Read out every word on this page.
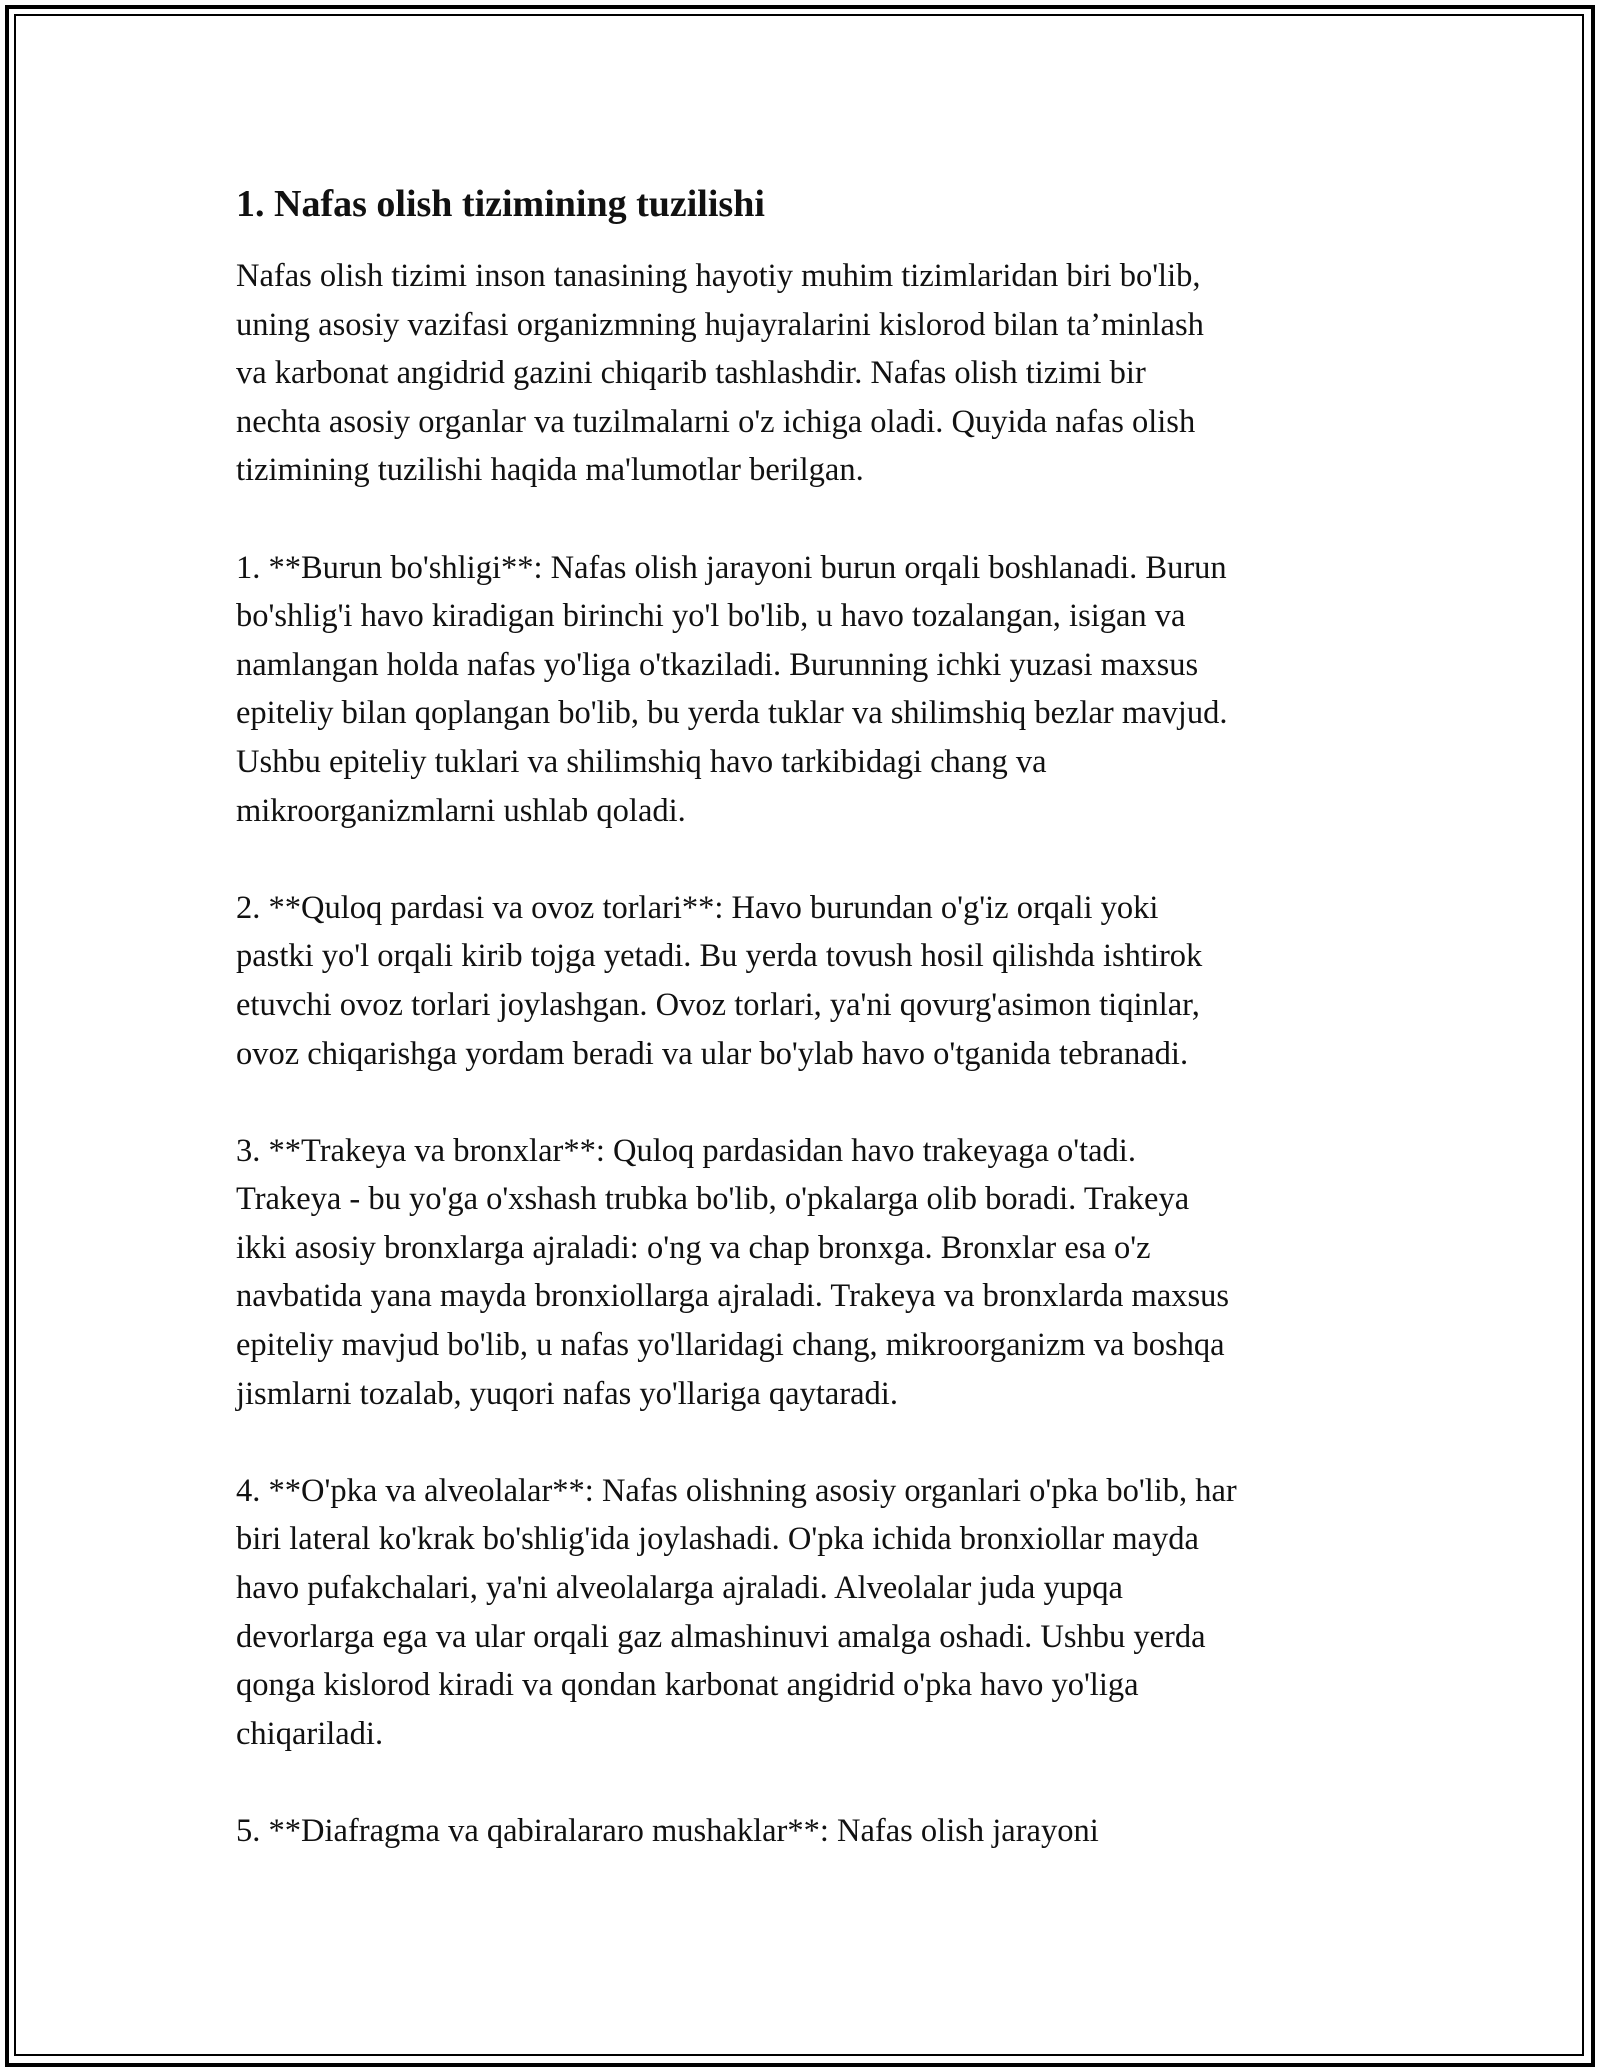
1. Nafas olish tizimining tuzilishi
Nafas olish tizimi inson tanasining hayotiy muhim tizimlaridan biri bo'lib,
uning asosiy vazifasi organizmning hujayralarini kislorod bilan ta’minlash
va karbonat angidrid gazini chiqarib tashlashdir. Nafas olish tizimi bir
nechta asosiy organlar va tuzilmalarni o'z ichiga oladi. Quyida nafas olish
tizimining tuzilishi haqida ma'lumotlar berilgan.
1. **Burun bo'shligi**: Nafas olish jarayoni burun orqali boshlanadi. Burun
bo'shlig'i havo kiradigan birinchi yo'l bo'lib, u havo tozalangan, isigan va
namlangan holda nafas yo'liga o'tkaziladi. Burunning ichki yuzasi maxsus
epiteliy bilan qoplangan bo'lib, bu yerda tuklar va shilimshiq bezlar mavjud.
Ushbu epiteliy tuklari va shilimshiq havo tarkibidagi chang va
mikroorganizmlarni ushlab qoladi.
2. **Quloq pardasi va ovoz torlari**: Havo burundan o'g'iz orqali yoki
pastki yo'l orqali kirib tojga yetadi. Bu yerda tovush hosil qilishda ishtirok
etuvchi ovoz torlari joylashgan. Ovoz torlari, ya'ni qovurg'asimon tiqinlar,
ovoz chiqarishga yordam beradi va ular bo'ylab havo o'tganida tebranadi.
3. **Trakeya va bronxlar**: Quloq pardasidan havo trakeyaga o'tadi.
Trakeya - bu yo'ga o'xshash trubka bo'lib, o'pkalarga olib boradi. Trakeya
ikki asosiy bronxlarga ajraladi: o'ng va chap bronxga. Bronxlar esa o'z
navbatida yana mayda bronxiollarga ajraladi. Trakeya va bronxlarda maxsus
epiteliy mavjud bo'lib, u nafas yo'llaridagi chang, mikroorganizm va boshqa
jismlarni tozalab, yuqori nafas yo'llariga qaytaradi.
4. **O'pka va alveolalar**: Nafas olishning asosiy organlari o'pka bo'lib, har
biri lateral ko'krak bo'shlig'ida joylashadi. O'pka ichida bronxiollar mayda
havo pufakchalari, ya'ni alveolalarga ajraladi. Alveolalar juda yupqa
devorlarga ega va ular orqali gaz almashinuvi amalga oshadi. Ushbu yerda
qonga kislorod kiradi va qondan karbonat angidrid o'pka havo yo'liga
chiqariladi.
5. **Diafragma va qabiralararo mushaklar**: Nafas olish jarayoni
